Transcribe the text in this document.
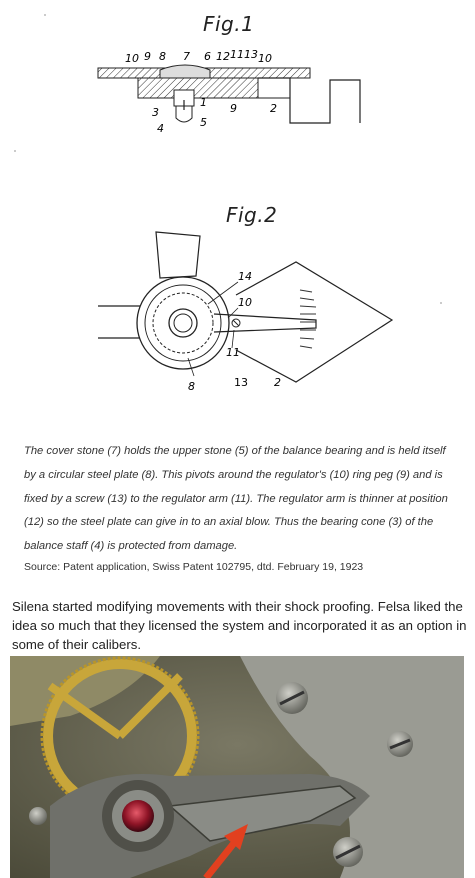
Fig.1
10 9 8 7 6 12 11 13 10
3
1 9	2
4	5
Fig.2
14
10
11
13 2
8
The cover stone (7) holds the upper stone (5) of the balance bearing and is held itself by a circular steel plate (8). This pivots around the regulator's (10) ring peg (9) and is fixed by a screw (13) to the regulator arm (11). The regulator arm is thinner at position (12) so the steel plate can give in to an axial blow. Thus the bearing cone (3) of the balance staff (4) is protected from damage.
Source: Patent application, Swiss Patent 102795, dtd. February 19, 1923
Silena started modifying movements with their shock proofing. Felsa liked the idea so much that they licensed the system and incorporated it as an option in some of their calibers.
